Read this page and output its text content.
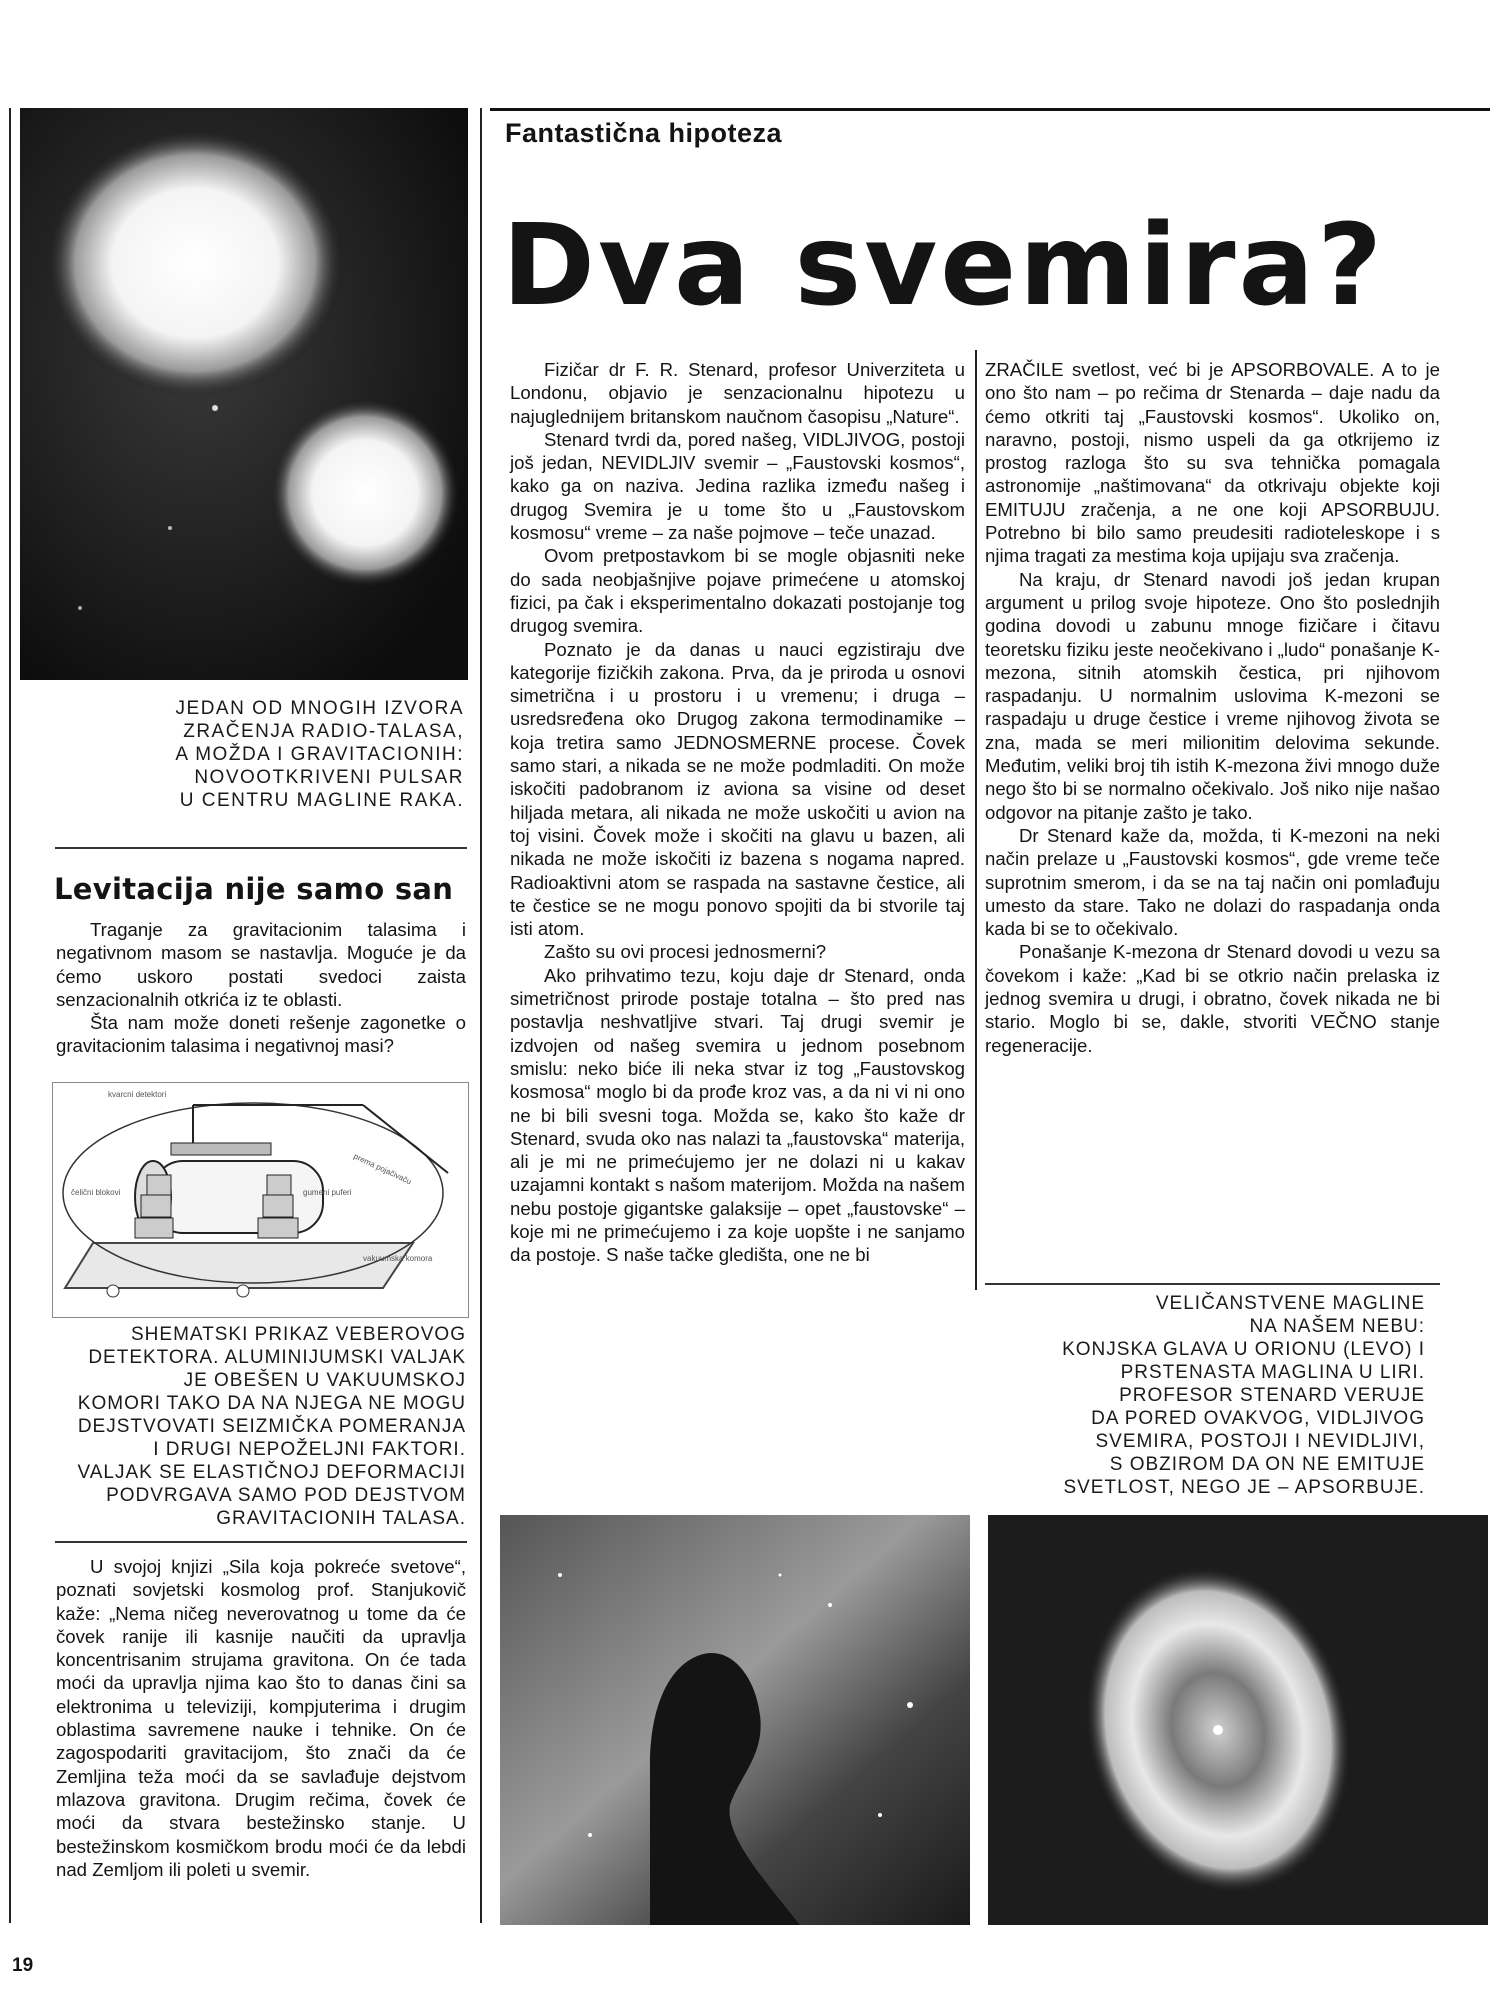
JEDAN OD MNOGIH IZVORA
ZRAČENJA RADIO-TALASA,
A MOŽDA I GRAVITACIONIH:
NOVOOTKRIVENI PULSAR
U CENTRU MAGLINE RAKA.
Levitacija nije samo san

Traganje za gravitacionim talasima i negativnom masom se nastavlja. Moguće je da ćemo uskoro postati svedoci zaista senzacionalnih otkrića iz te oblasti.

Šta nam može doneti rešenje zagonetke o gravitacionim talasima i negativnoj masi?

kvarcni detektori
prema pojačivaču
čelični blokovi	gumeni puferi
vakuumska komora
SHEMATSKI PRIKAZ VEBEROVOG
DETEKTORA. ALUMINIJUMSKI VALJAK
JE OBEŠEN U VAKUUMSKOJ
KOMORI TAKO DA NA NJEGA NE MOGU
DEJSTVOVATI SEIZMIČKA POMERANJA
I DRUGI NEPOŽELJNI FAKTORI.
VALJAK SE ELASTIČNOJ DEFORMACIJI
PODVRGAVA SAMO POD DEJSTVOM
GRAVITACIONIH TALASA.

U svojoj knjizi „Sila koja pokreće svetove“, poznati sovjetski kosmolog prof. Stanjukovič kaže: „Nema ničeg neverovatnog u tome da će čovek ranije ili kasnije naučiti da upravlja koncentrisanim strujama gravitona. On će tada moći da upravlja njima kao što to danas čini sa elektronima u televiziji, kompjuterima i drugim oblastima savremene nauke i tehnike. On će zagospodariti gravitacijom, što znači da će Zemljina teža moći da se savlađuje dejstvom mlazova gravitona. Drugim rečima, čovek će moći da stvara bestežinsko stanje. U bestežinskom kosmičkom brodu moći će da lebdi nad Zemljom ili poleti u svemir.

19
Fantastična hipoteza
Dva svemira?

Fizičar dr F. R. Stenard, profesor Univerziteta u Londonu, objavio je senzacionalnu hipotezu u najuglednijem britanskom naučnom časopisu „Nature“.

Stenard tvrdi da, pored našeg, VIDLJIVOG, postoji još jedan, NEVIDLJIV svemir – „Faustovski kosmos“, kako ga on naziva. Jedina razlika između našeg i drugog Svemira je u tome što u „Faustovskom kosmosu“ vreme – za naše pojmove – teče unazad.

Ovom pretpostavkom bi se mogle objasniti neke do sada neobjašnjive pojave primećene u atomskoj fizici, pa čak i eksperimentalno dokazati postojanje tog drugog svemira.

Poznato je da danas u nauci egzistiraju dve kategorije fizičkih zakona. Prva, da je priroda u osnovi simetrična i u prostoru i u vremenu; i druga – usredsređena oko Drugog zakona termodinamike – koja tretira samo JEDNOSMERNE procese. Čovek samo stari, a nikada se ne može podmladiti. On može iskočiti padobranom iz aviona sa visine od deset hiljada metara, ali nikada ne može uskočiti u avion na toj visini. Čovek može i skočiti na glavu u bazen, ali nikada ne može iskočiti iz bazena s nogama napred. Radioaktivni atom se raspada na sastavne čestice, ali te čestice se ne mogu ponovo spojiti da bi stvorile taj isti atom.

Zašto su ovi procesi jednosmerni?

Ako prihvatimo tezu, koju daje dr Stenard, onda simetričnost prirode postaje totalna – što pred nas postavlja neshvatljive stvari. Taj drugi svemir je izdvojen od našeg svemira u jednom posebnom smislu: neko biće ili neka stvar iz tog „Faustovskog kosmosa“ moglo bi da prođe kroz vas, a da ni vi ni ono ne bi bili svesni toga. Možda se, kako što kaže dr Stenard, svuda oko nas nalazi ta „faustovska“ materija, ali je mi ne primećujemo jer ne dolazi ni u kakav uzajamni kontakt s našom materijom. Možda na našem nebu postoje gigantske galaksije – opet „faustovske“ – koje mi ne primećujemo i za koje uopšte i ne sanjamo da postoje. S naše tačke gledišta, one ne bi

ZRAČILE svetlost, već bi je APSORBOVALE. A to je ono što nam – po rečima dr Stenarda – daje nadu da ćemo otkriti taj „Faustovski kosmos“. Ukoliko on, naravno, postoji, nismo uspeli da ga otkrijemo iz prostog razloga što su sva tehnička pomagala astronomije „naštimovana“ da otkrivaju objekte koji EMITUJU zračenja, a ne one koji APSORBUJU. Potrebno bi bilo samo preudesiti radioteleskope i s njima tragati za mestima koja upijaju sva zračenja.

Na kraju, dr Stenard navodi još jedan krupan argument u prilog svoje hipoteze. Ono što poslednjih godina dovodi u zabunu mnoge fizičare i čitavu teoretsku fiziku jeste neočekivano i „ludo“ ponašanje K-mezona, sitnih atomskih čestica, pri njihovom raspadanju. U normalnim uslovima K-mezoni se raspadaju u druge čestice i vreme njihovog života se zna, mada se meri milionitim delovima sekunde. Međutim, veliki broj tih istih K-mezona živi mnogo duže nego što bi se normalno očekivalo. Još niko nije našao odgovor na pitanje zašto je tako.

Dr Stenard kaže da, možda, ti K-mezoni na neki način prelaze u „Faustovski kosmos“, gde vreme teče suprotnim smerom, i da se na taj način oni pomlađuju umesto da stare. Tako ne dolazi do raspadanja onda kada bi se to očekivalo.

Ponašanje K-mezona dr Stenard dovodi u vezu sa čovekom i kaže: „Kad bi se otkrio način prelaska iz jednog svemira u drugi, i obratno, čovek nikada ne bi stario. Moglo bi se, dakle, stvoriti VEČNO stanje regeneracije.

VELIČANSTVENE MAGLINE
NA NAŠEM NEBU:
KONJSKA GLAVA U ORIONU (LEVO) I
PRSTENASTA MAGLINA U LIRI.
PROFESOR STENARD VERUJE
DA PORED OVAKVOG, VIDLJIVOG
SVEMIRA, POSTOJI I NEVIDLJIVI,
S OBZIROM DA ON NE EMITUJE
SVETLOST, NEGO JE – APSORBUJE.
